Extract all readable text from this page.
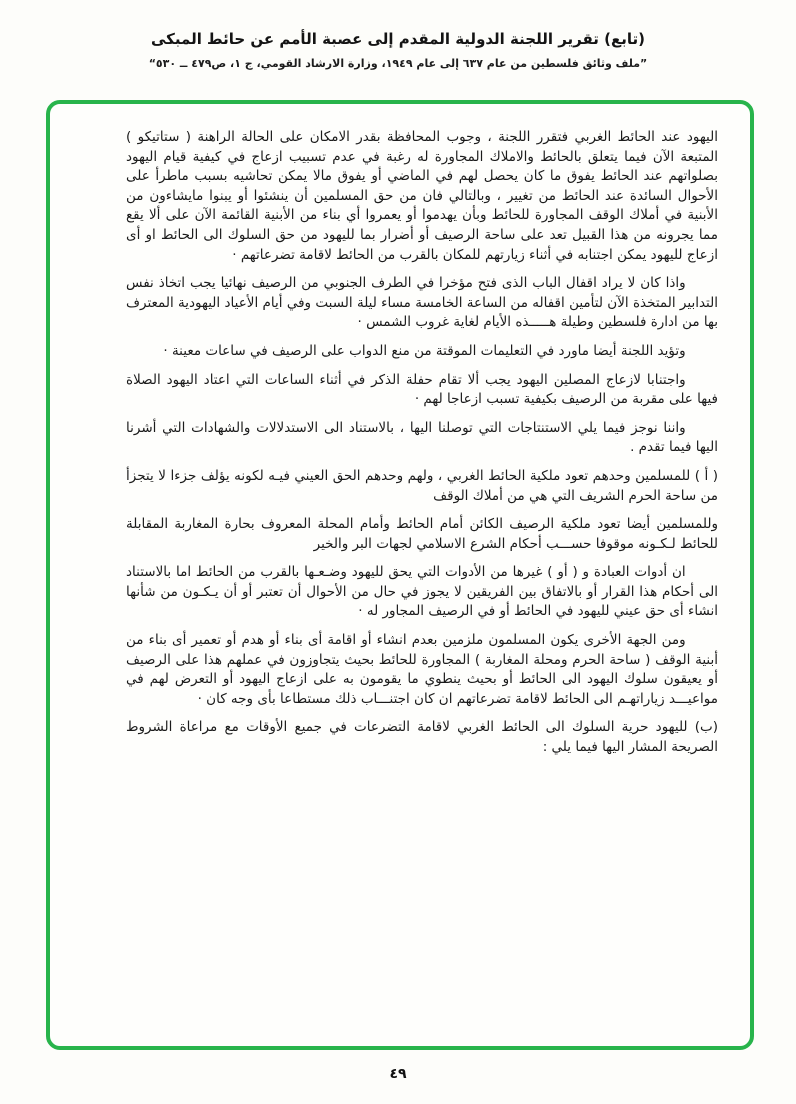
(تابع) تقرير اللجنة الدولية المقدم إلى عصبة الأمم عن حائط المبكى
”ملف وثائق فلسطين من عام ٦٣٧ إلى عام ١٩٤٩، وزارة الارشاد القومي، ج ١، ص٤٧٩ ــ ٥٣٠“

اليهود عند الحائط الغربي فتقرر اللجنة ، وجوب المحافظة بقدر الامكان على الحالة الراهنة ( ستاتيكو ) المتبعة الآن فيما يتعلق بالحائط والاملاك المجاورة له رغبة في عدم تسبيب ازعاج في كيفية قيام اليهود بصلواتهم عند الحائط يفوق ما كان يحصل لهم في الماضي أو يفوق مالا يمكن تحاشيه بسبب ماطرأ على الأحوال السائدة عند الحائط من تغيير ، وبالتالي فان من حق المسلمين أن ينشئوا أو يبنوا مايشاءون من الأبنية في أملاك الوقف المجاورة للحائط وبأن يهدموا أو يعمروا أي بناء من الأبنية القائمة الآن على ألا يقع مما يجرونه من هذا القبيل تعد على ساحة الرصيف أو أضرار بما لليهود من حق السلوك الى الحائط او أى ازعاج لليهود يمكن اجتنابه في أثناء زيارتهم للمكان بالقرب من الحائط لاقامة تضرعاتهم ·

واذا كان لا يراد اقفال الباب الذى فتح مؤخرا في الطرف الجنوبي من الرصيف نهائيا يجب اتخاذ نفس التدابير المتخذة الآن لتأمين اقفاله من الساعة الخامسة مساء ليلة السبت وفي أيام الأعياد اليهودية المعترف بها من ادارة فلسطين وطيلة هـــــذه الأيام لغاية غروب الشمس ·

وتؤيد اللجنة أيضا ماورد في التعليمات الموقتة من منع الدواب على الرصيف في ساعات معينة ·

واجتنابا لازعاج المصلين اليهود يجب ألا تقام حفلة الذكر في أثناء الساعات التي اعتاد اليهود الصلاة فيها على مقربة من الرصيف بكيفية تسبب ازعاجا لهم ·

واننا نوجز فيما يلي الاستنتاجات التي توصلنا اليها ، بالاستناد الى الاستدلالات والشهادات التي أشرنا اليها فيما تقدم .

( أ ) للمسلمين وحدهم تعود ملكية الحائط الغربي ، ولهم وحدهم الحق العيني فيـه لكونه يؤلف جزءا لا يتجزأ من ساحة الحرم الشريف التي هي من أملاك الوقف

وللمسلمين أيضا تعود ملكية الرصيف الكائن أمام الحائط وأمام المحلة المعروف بحارة المغاربة المقابلة للحائط لـكـونه موقوفا حســـب أحكام الشرع الاسلامي لجهات البر والخير

ان أدوات العبادة و ( أو ) غيرها من الأدوات التي يحق لليهود وضـعـها بالقرب من الحائط اما بالاستناد الى أحكام هذا القرار أو بالاتفاق بين الفريقين لا يجوز في حال من الأحوال أن تعتبر أو أن يـكـون من شأنها انشاء أى حق عيني لليهود في الحائط أو في الرصيف المجاور له ·

ومن الجهة الأخرى يكون المسلمون ملزمين بعدم انشاء أو اقامة أى بناء أو هدم أو تعمير أى بناء من أبنية الوقف ( ساحة الحرم ومحلة المغاربة ) المجاورة للحائط بحيث يتجاوزون في عملهم هذا على الرصيف أو يعيقون سلوك اليهود الى الحائط أو بحيث ينطوي ما يقومون به على ازعاج اليهود أو التعرض لهم في مواعيـــد زياراتهـم الى الحائط لاقامة تضرعاتهم ان كان اجتنـــاب ذلك مستطاعا بأى وجه كان ·

(ب) لليهود حرية السلوك الى الحائط الغربي لاقامة التضرعات في جميع الأوقات مع مراعاة الشروط الصريحة المشار اليها فيما يلي :

٤٩
